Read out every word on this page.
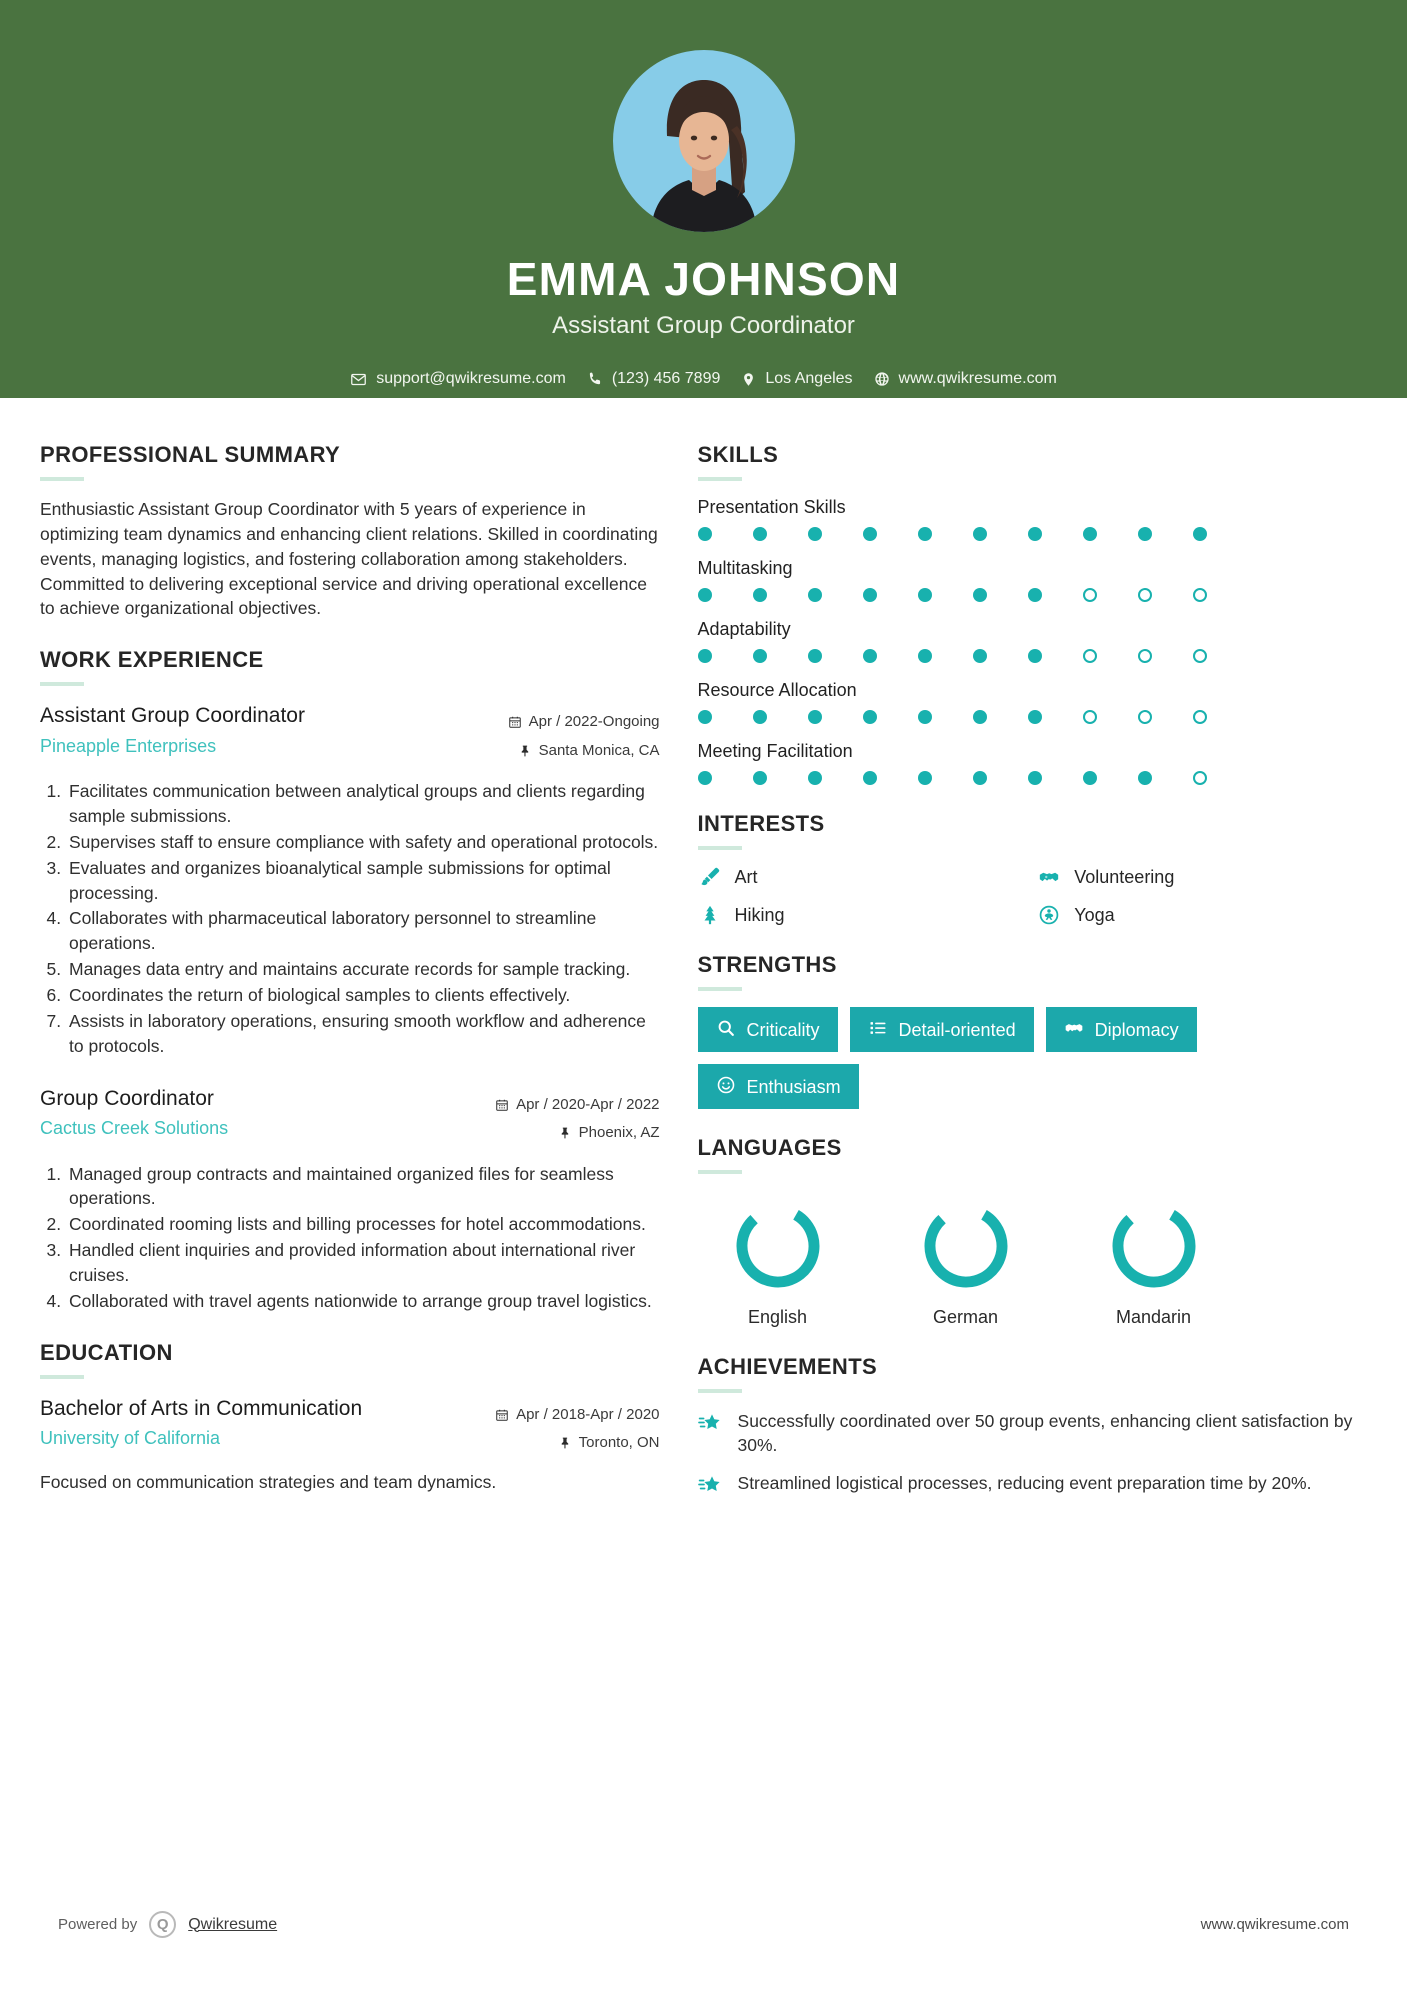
EMMA JOHNSON
Assistant Group Coordinator
support@qwikresume.com	(123) 456 7899	Los Angeles	www.qwikresume.com
PROFESSIONAL SUMMARY
Enthusiastic Assistant Group Coordinator with 5 years of experience in optimizing team dynamics and enhancing client relations. Skilled in coordinating events, managing logistics, and fostering collaboration among stakeholders. Committed to delivering exceptional service and driving operational excellence to achieve organizational objectives.
WORK EXPERIENCE
Assistant Group Coordinator
Pineapple Enterprises
Apr / 2022-Ongoing
Santa Monica, CA
1. Facilitates communication between analytical groups and clients regarding sample submissions.
2. Supervises staff to ensure compliance with safety and operational protocols.
3. Evaluates and organizes bioanalytical sample submissions for optimal processing.
4. Collaborates with pharmaceutical laboratory personnel to streamline operations.
5. Manages data entry and maintains accurate records for sample tracking.
6. Coordinates the return of biological samples to clients effectively.
7. Assists in laboratory operations, ensuring smooth workflow and adherence to protocols.
Group Coordinator
Cactus Creek Solutions
Apr / 2020-Apr / 2022
Phoenix, AZ
1. Managed group contracts and maintained organized files for seamless operations.
2. Coordinated rooming lists and billing processes for hotel accommodations.
3. Handled client inquiries and provided information about international river cruises.
4. Collaborated with travel agents nationwide to arrange group travel logistics.
EDUCATION
Bachelor of Arts in Communication
University of California
Apr / 2018-Apr / 2020
Toronto, ON
Focused on communication strategies and team dynamics.
SKILLS
Presentation Skills
Multitasking
Adaptability
Resource Allocation
Meeting Facilitation
INTERESTS
Art	Volunteering
Hiking	Yoga
STRENGTHS
Criticality	Detail-oriented	Diplomacy
Enthusiasm
LANGUAGES
English	German	Mandarin
ACHIEVEMENTS
Successfully coordinated over 50 group events, enhancing client satisfaction by 30%.
Streamlined logistical processes, reducing event preparation time by 20%.
Powered by	Q	Qwikresume	www.qwikresume.com
